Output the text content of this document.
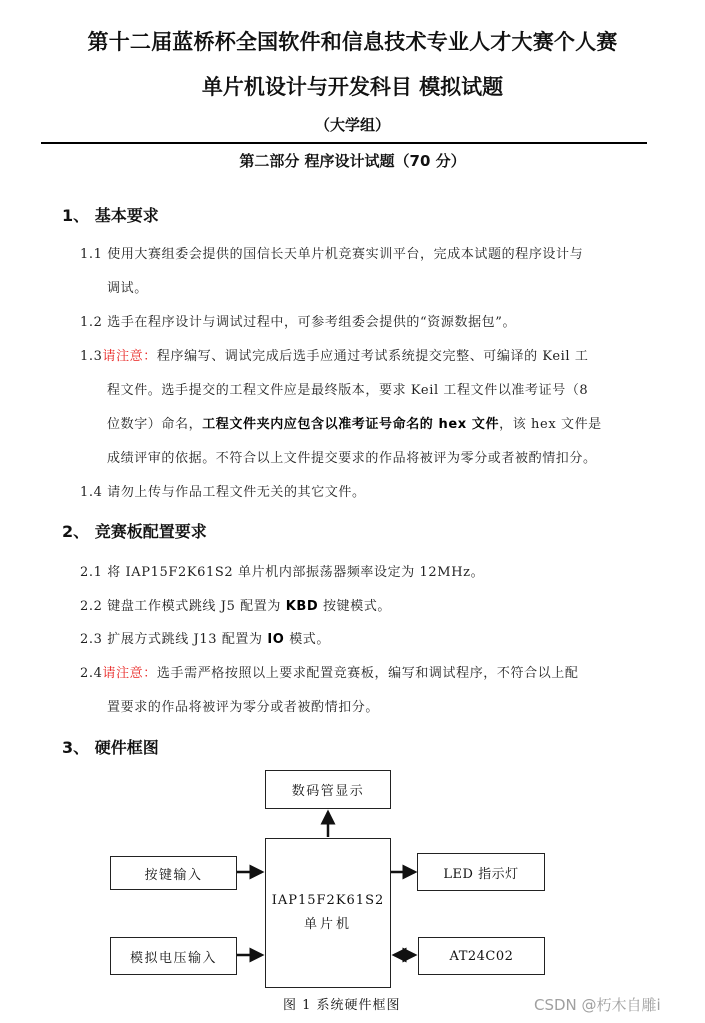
第十二届蓝桥杯全国软件和信息技术专业人才大赛个人赛
单片机设计与开发科目 模拟试题
（大学组）
第二部分 程序设计试题（70 分）
1、 基本要求
1.1 使用大赛组委会提供的国信长天单片机竞赛实训平台，完成本试题的程序设计与
调试。
1.2 选手在程序设计与调试过程中，可参考组委会提供的“资源数据包”。
1.3请注意：程序编写、调试完成后选手应通过考试系统提交完整、可编译的 Keil 工
程文件。选手提交的工程文件应是最终版本，要求 Keil 工程文件以准考证号（8
位数字）命名，工程文件夹内应包含以准考证号命名的 hex 文件，该 hex 文件是
成绩评审的依据。不符合以上文件提交要求的作品将被评为零分或者被酌情扣分。
1.4 请勿上传与作品工程文件无关的其它文件。
2、 竞赛板配置要求
2.1 将 IAP15F2K61S2 单片机内部振荡器频率设定为 12MHz。
2.2 键盘工作模式跳线 J5 配置为 KBD 按键模式。
2.3 扩展方式跳线 J13 配置为 IO 模式。
2.4请注意：选手需严格按照以上要求配置竞赛板，编写和调试程序，不符合以上配
置要求的作品将被评为零分或者被酌情扣分。
3、 硬件框图
数码管显示
IAP15F2K61S2
单片机
按键输入
模拟电压输入
LED 指示灯
AT24C02
图 1 系统硬件框图	CSDN @朽木自雕i
